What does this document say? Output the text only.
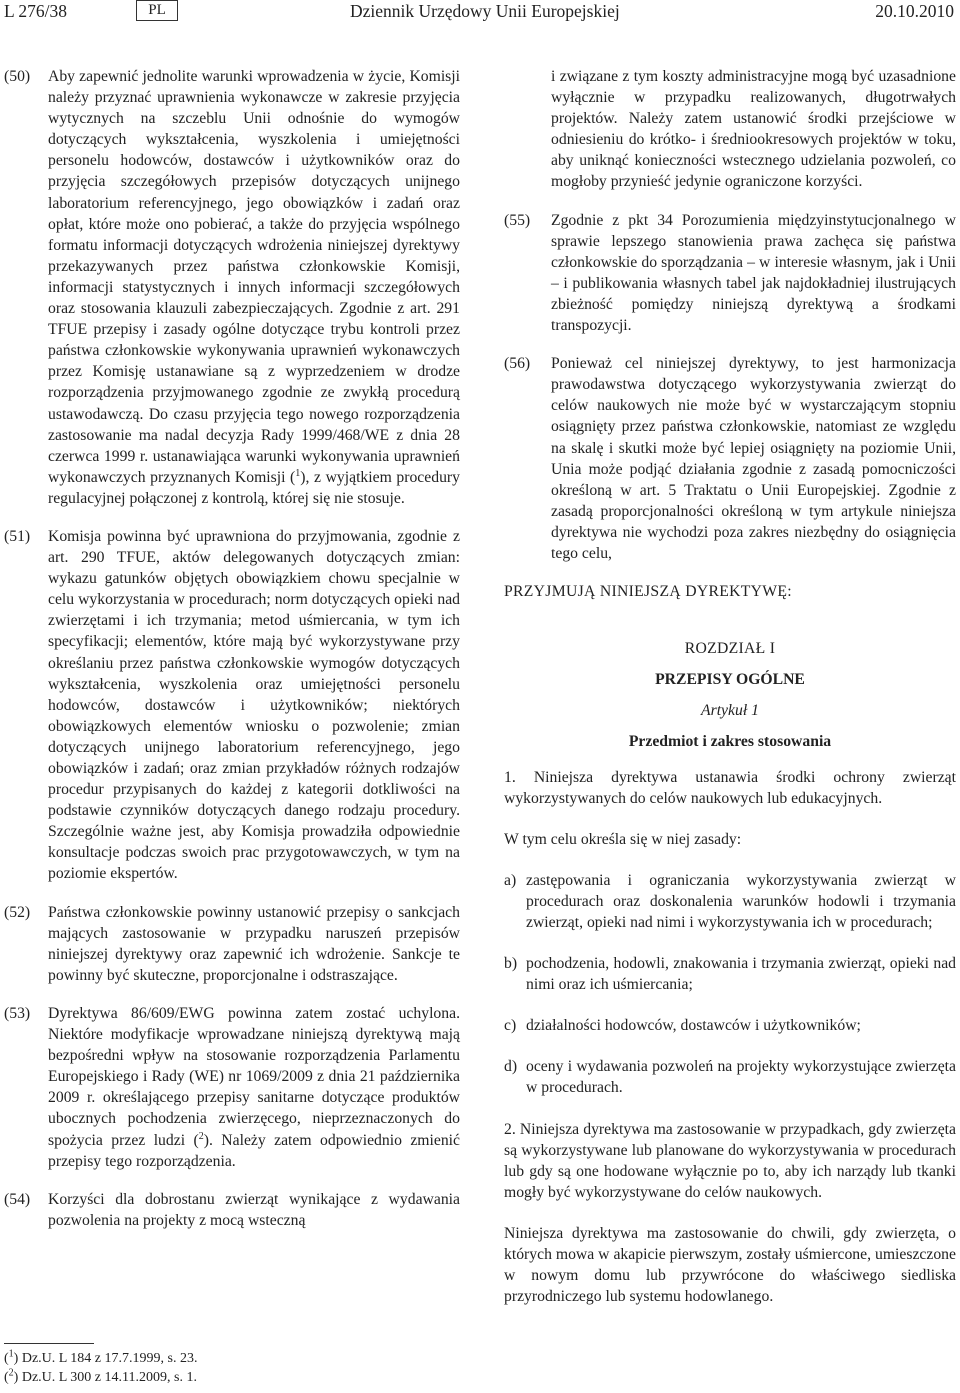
L 276/38	PL	Dziennik Urzędowy Unii Europejskiej	20.10.2010
(50)	Aby zapewnić jednolite warunki wprowadzenia w życie, Komisji należy przyznać uprawnienia wykonawcze w zakresie przyjęcia wytycznych na szczeblu Unii odnośnie do wymogów dotyczących wykształcenia, wyszkolenia i umiejętności personelu hodowców, dostawców i użytkowników oraz do przyjęcia szczegółowych przepisów dotyczących unijnego laboratorium referencyjnego, jego obowiązków i zadań oraz opłat, które może ono pobierać, a także do przyjęcia wspólnego formatu informacji dotyczących wdrożenia niniejszej dyrektywy przekazywanych przez państwa członkowskie Komisji, informacji statystycznych i innych informacji szczegółowych oraz stosowania klauzuli zabezpieczających. Zgodnie z art. 291 TFUE przepisy i zasady ogólne dotyczące trybu kontroli przez państwa członkowskie wykonywania uprawnień wykonawczych przez Komisję ustanawiane są z wyprzedzeniem w drodze rozporządzenia przyjmowanego zgodnie ze zwykłą procedurą ustawodawczą. Do czasu przyjęcia tego nowego rozporządzenia zastosowanie ma nadal decyzja Rady 1999/468/WE z dnia 28 czerwca 1999 r. ustanawiająca warunki wykonywania uprawnień wykonawczych przyznanych Komisji ($^1$), z wyjątkiem procedury regulacyjnej połączonej z kontrolą, której się nie stosuje.
(51)	Komisja powinna być uprawniona do przyjmowania, zgodnie z art. 290 TFUE, aktów delegowanych dotyczących zmian: wykazu gatunków objętych obowiązkiem chowu specjalnie w celu wykorzystania w procedurach; norm dotyczących opieki nad zwierzętami i ich trzymania; metod uśmiercania, w tym ich specyfikacji; elementów, które mają być wykorzystywane przy określaniu przez państwa członkowskie wymogów dotyczących wykształcenia, wyszkolenia oraz umiejętności personelu hodowców, dostawców i użytkowników; niektórych obowiązkowych elementów wniosku o pozwolenie; zmian dotyczących unijnego laboratorium referencyjnego, jego obowiązków i zadań; oraz zmian przykładów różnych rodzajów procedur przypisanych do każdej z kategorii dotkliwości na podstawie czynników dotyczących danego rodzaju procedury. Szczególnie ważne jest, aby Komisja prowadziła odpowiednie konsultacje podczas swoich prac przygotowawczych, w tym na poziomie ekspertów.
(52)	Państwa członkowskie powinny ustanowić przepisy o sankcjach mających zastosowanie w przypadku naruszeń przepisów niniejszej dyrektywy oraz zapewnić ich wdrożenie. Sankcje te powinny być skuteczne, proporcjonalne i odstraszające.
(53)	Dyrektywa 86/609/EWG powinna zatem zostać uchylona. Niektóre modyfikacje wprowadzane niniejszą dyrektywą mają bezpośredni wpływ na stosowanie rozporządzenia Parlamentu Europejskiego i Rady (WE) nr 1069/2009 z dnia 21 października 2009 r. określającego przepisy sanitarne dotyczące produktów ubocznych pochodzenia zwierzęcego, nieprzeznaczonych do spożycia przez ludzi ($^2$). Należy zatem odpowiednio zmienić przepisy tego rozporządzenia.
(54)	Korzyści dla dobrostanu zwierząt wynikające z wydawania pozwolenia na projekty z mocą wsteczną
($^1$) Dz.U. L 184 z 17.7.1999, s. 23.
($^2$) Dz.U. L 300 z 14.11.2009, s. 1.
i związane z tym koszty administracyjne mogą być uzasadnione wyłącznie w przypadku realizowanych, długotrwałych projektów. Należy zatem ustanowić środki przejściowe w odniesieniu do krótko- i średniookresowych projektów w toku, aby uniknąć konieczności wstecznego udzielania pozwoleń, co mogłoby przynieść jedynie ograniczone korzyści.
(55)	Zgodnie z pkt 34 Porozumienia międzyinstytucjonalnego w sprawie lepszego stanowienia prawa zachęca się państwa członkowskie do sporządzania – w interesie własnym, jak i Unii – i publikowania własnych tabel jak najdokładniej ilustrujących zbieżność pomiędzy niniejszą dyrektywą a środkami transpozycji.
(56)	Ponieważ cel niniejszej dyrektywy, to jest harmonizacja prawodawstwa dotyczącego wykorzystywania zwierząt do celów naukowych nie może być w wystarczającym stopniu osiągnięty przez państwa członkowskie, natomiast ze względu na skalę i skutki może być lepiej osiągnięty na poziomie Unii, Unia może podjąć działania zgodnie z zasadą pomocniczości określoną w art. 5 Traktatu o Unii Europejskiej. Zgodnie z zasadą proporcjonalności określoną w tym artykule niniejsza dyrektywa nie wychodzi poza zakres niezbędny do osiągnięcia tego celu,

PRZYJMUJĄ NINIEJSZĄ DYREKTYWĘ:

ROZDZIAŁ I

PRZEPISY OGÓLNE

Artykuł 1

Przedmiot i zakres stosowania

1. Niniejsza dyrektywa ustanawia środki ochrony zwierząt wykorzystywanych do celów naukowych lub edukacyjnych.

W tym celu określa się w niej zasady:

a) zastępowania i ograniczania wykorzystywania zwierząt w procedurach oraz doskonalenia warunków hodowli i trzymania zwierząt, opieki nad nimi i wykorzystywania ich w procedurach;
b) pochodzenia, hodowli, znakowania i trzymania zwierząt, opieki nad nimi oraz ich uśmiercania;
c) działalności hodowców, dostawców i użytkowników;
d) oceny i wydawania pozwoleń na projekty wykorzystujące zwierzęta w procedurach.

2. Niniejsza dyrektywa ma zastosowanie w przypadkach, gdy zwierzęta są wykorzystywane lub planowane do wykorzystywania w procedurach lub gdy są one hodowane wyłącznie po to, aby ich narządy lub tkanki mogły być wykorzystywane do celów naukowych.

Niniejsza dyrektywa ma zastosowanie do chwili, gdy zwierzęta, o których mowa w akapicie pierwszym, zostały uśmiercone, umieszczone w nowym domu lub przywrócone do właściwego siedliska przyrodniczego lub systemu hodowlanego.
